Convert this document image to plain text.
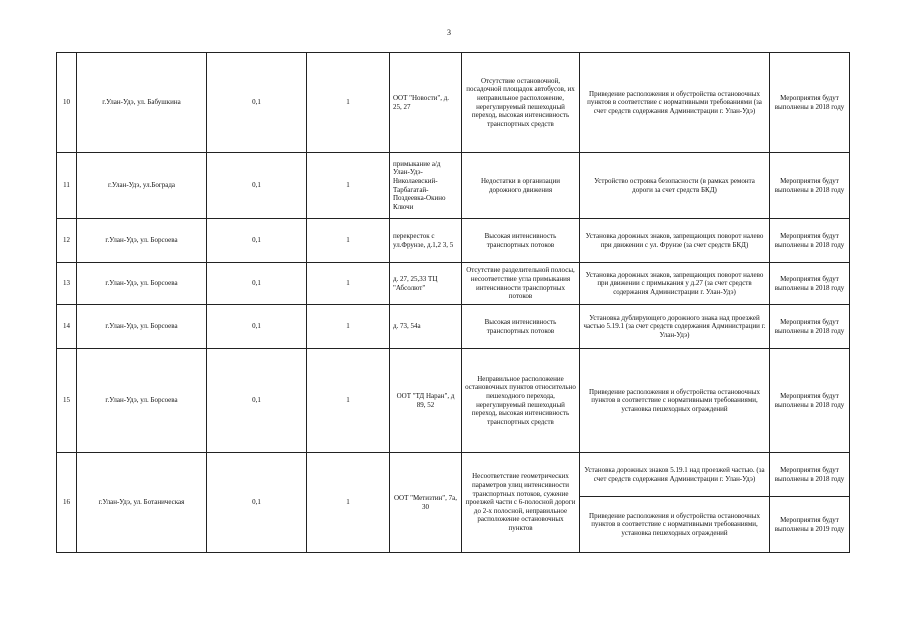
3
10	г.Улан-Удэ, ул. Бабушкина	0,1	1	ООТ "Новости", д. 25, 27	Отсутствие остановочной, посадочной площадок автобусов, их неправильное расположение, нерегулируемый пешеходный переход, высокая интенсивность транспортных средств	Приведение расположения и обустройства остановочных пунктов в соответствие с нормативными требованиями (за счет средств содержания Администрации г. Улан-Удэ)	Мероприятия будут выполнены в 2018 году
11	г.Улан-Удэ, ул.Бограда	0,1	1	примыкание а/д Улан-Удэ-Николаевский-Тарбагатай-Поздеевка-Окино Ключи	Недостатки в организации дорожного движения	Устройство островка безопасности (в рамках ремонта дороги за счет средств БКД)	Мероприятия будут выполнены в 2018 году
12	г.Улан-Удэ, ул. Борсоева	0,1	1	перекресток с ул.Фрунзе, д.1,2 3, 5	Высокая интенсивность транспортных потоков	Установка дорожных знаков, запрещающих поворот налево при движении с ул. Фрунзе (за счет средств БКД)	Мероприятия будут выполнены в 2018 году
13	г.Улан-Удэ, ул. Борсоева	0,1	1	д. 27, 25,33 ТЦ "Абсолют"	Отсутствие разделительной полосы, несоответствие угла примыкания интенсивности транспортных потоков	Установка дорожных знаков, запрещающих поворот налево при движении с примыкания у д.27 (за счет средств содержания Администрации г. Улан-Удэ)	Мероприятия будут выполнены в 2018 году
14	г.Улан-Удэ, ул. Борсоева	0,1	1	д. 73, 54а	Высокая интенсивность транспортных потоков	Установка дублирующего дорожного знака над проезжей частью 5.19.1 (за счет средств содержания Администрации г. Улан-Удэ)	Мероприятия будут выполнены в 2018 году
15	г.Улан-Удэ, ул. Борсоева	0,1	1	ООТ "ТД Наран", д 89, 52	Неправильное расположение остановочных пунктов относительно пешеходного перехода, нерегулируемый пешеходный переход, высокая интенсивность транспортных средств	Приведение расположения и обустройства остановочных пунктов в соответствие с нормативными требованиями, установка пешеходных ограждений	Мероприятия будут выполнены в 2018 году
16	г.Улан-Удэ, ул. Ботаническая	0,1	1	ООТ "Метизтин", 7а, 30	Несоответствие геометрических параметров улиц интенсивности транспортных потоков, сужение проезжей части с 6-полосной дороги до 2-х полосной, неправильное расположение остановочных пунктов	Установка дорожных знаков 5.19.1 над проезжей частью. (за счет средств содержания Администрации г. Улан-Удэ)	Мероприятия будут выполнены в 2018 году
						Приведение расположения и обустройства остановочных пунктов в соответствие с нормативными требованиями, установка пешеходных ограждений	Мероприятия будут выполнены в 2019 году
